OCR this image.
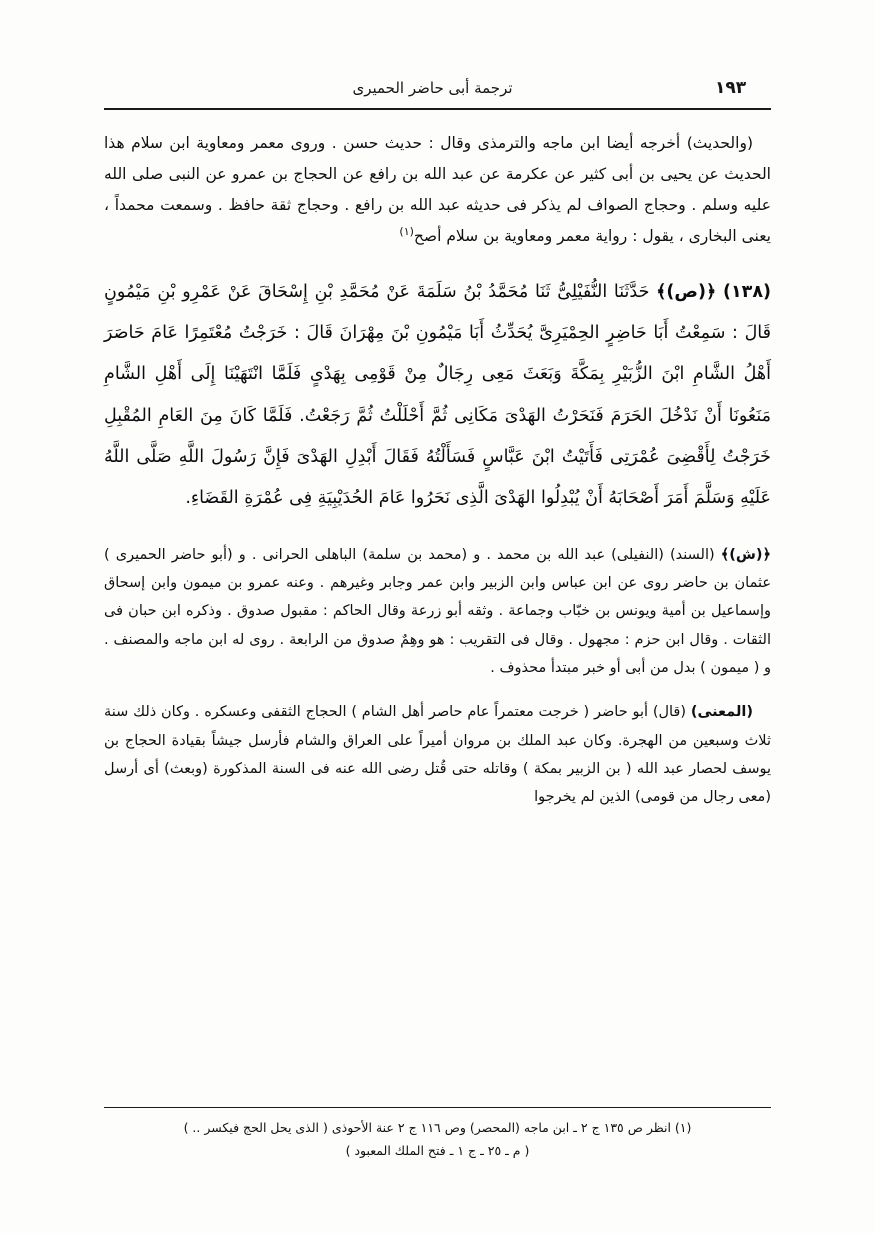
ترجمة أبى حاضر الحميرى	١٩٣

(والحديث) أخرجه أيضا ابن ماجه والترمذى وقال : حديث حسن . وروى معمر ومعاوية ابن سلام هذا الحديث عن يحيى بن أبى كثير عن عكرمة عن عبد الله بن رافع عن الحجاج بن عمرو عن النبى صلى الله عليه وسلم . وحجاج الصواف لم يذكر فى حديثه عبد الله بن رافع . وحجاج ثقة حافظ . وسمعت محمداً ، يعنى البخارى ، يقول : رواية معمر ومعاوية بن سلام أصح$^{(١)}$

(١٣٨) ﴿(ص)﴾ حَدَّثَنَا النُّفَيْلِىُّ ثَنَا مُحَمَّدُ بْنُ سَلَمَةَ عَنْ مُحَمَّدِ بْنِ إِسْحَاقَ عَنْ عَمْرِو بْنِ مَيْمُونٍ قَالَ : سَمِعْتُ أَبَا حَاضِرٍ الحِمْيَرِىَّ يُحَدِّثُ أَبَا مَيْمُونِ بْنَ مِهْرَانَ قَالَ : خَرَجْتُ مُعْتَمِرًا عَامَ حَاصَرَ أَهْلُ الشَّامِ ابْنَ الزُّبَيْرِ بِمَكَّةَ وَبَعَثَ مَعِى رِجَالٌ مِنْ قَوْمِى بِهَدْىٍ فَلَمَّا انْتَهَيْنَا إِلَى أَهْلِ الشَّامِ مَنَعُونَا أَنْ نَدْخُلَ الحَرَمَ فَنَحَرْتُ الهَدْىَ مَكَانِى ثُمَّ أَحْلَلْتُ ثُمَّ رَجَعْتُ. فَلَمَّا كَانَ مِنَ العَامِ المُقْبِلِ خَرَجْتُ لِأَقْضِىَ عُمْرَتِى فَأَتَيْتُ ابْنَ عَبَّاسٍ فَسَأَلْتُهُ فَقَالَ أَبْدِلِ الهَدْىَ فَإِنَّ رَسُولَ اللَّهِ صَلَّى اللَّهُ عَلَيْهِ وَسَلَّمَ أَمَرَ أَصْحَابَهُ أَنْ يُبْدِلُوا الهَدْىَ الَّذِى نَحَرُوا عَامَ الحُدَيْبِيَةِ فِى عُمْرَةِ القَضَاءِ.

﴿(ش)﴾ (السند) (النفيلى) عبد الله بن محمد . و (محمد بن سلمة) الباهلى الحرانى . و (أبو حاضر الحميرى ) عثمان بن حاضر روى عن ابن عباس وابن الزبير وابن عمر وجابر وغيرهم . وعنه عمرو بن ميمون وابن إسحاق وإسماعيل بن أمية ويونس بن خبّاب وجماعة . وثقه أبو زرعة وقال الحاكم : مقبول صدوق . وذكره ابن حبان فى الثقات . وقال ابن حزم : مجهول . وقال فى التقريب : هو وهِمٌ صدوق من الرابعة . روى له ابن ماجه والمصنف . و ( ميمون ) بدل من أبى أو خبر مبتدأ محذوف .

(المعنى) (قال) أبو حاضر ( خرجت معتمراً عام حاصر أهل الشام ) الحجاج الثقفى وعسكره . وكان ذلك سنة ثلاث وسبعين من الهجرة. وكان عبد الملك بن مروان أميراً على العراق والشام فأرسل جيشاً بقيادة الحجاج بن يوسف لحصار عبد الله ( بن الزبير بمكة ) وقاتله حتى قُتل رضى الله عنه فى السنة المذكورة (وبعث) أى أرسل (معى رجال من قومى) الذين لم يخرجوا

(١) انظر ص ١٣٥ ج ٢ ـ ابن ماجه (المحصر) وص ١١٦ ج ٢ عنة الأحوذى ( الذى يحل الحج فيكسر .. )
( م ـ ٢٥ ـ ج ١ ـ فتح الملك المعبود )
